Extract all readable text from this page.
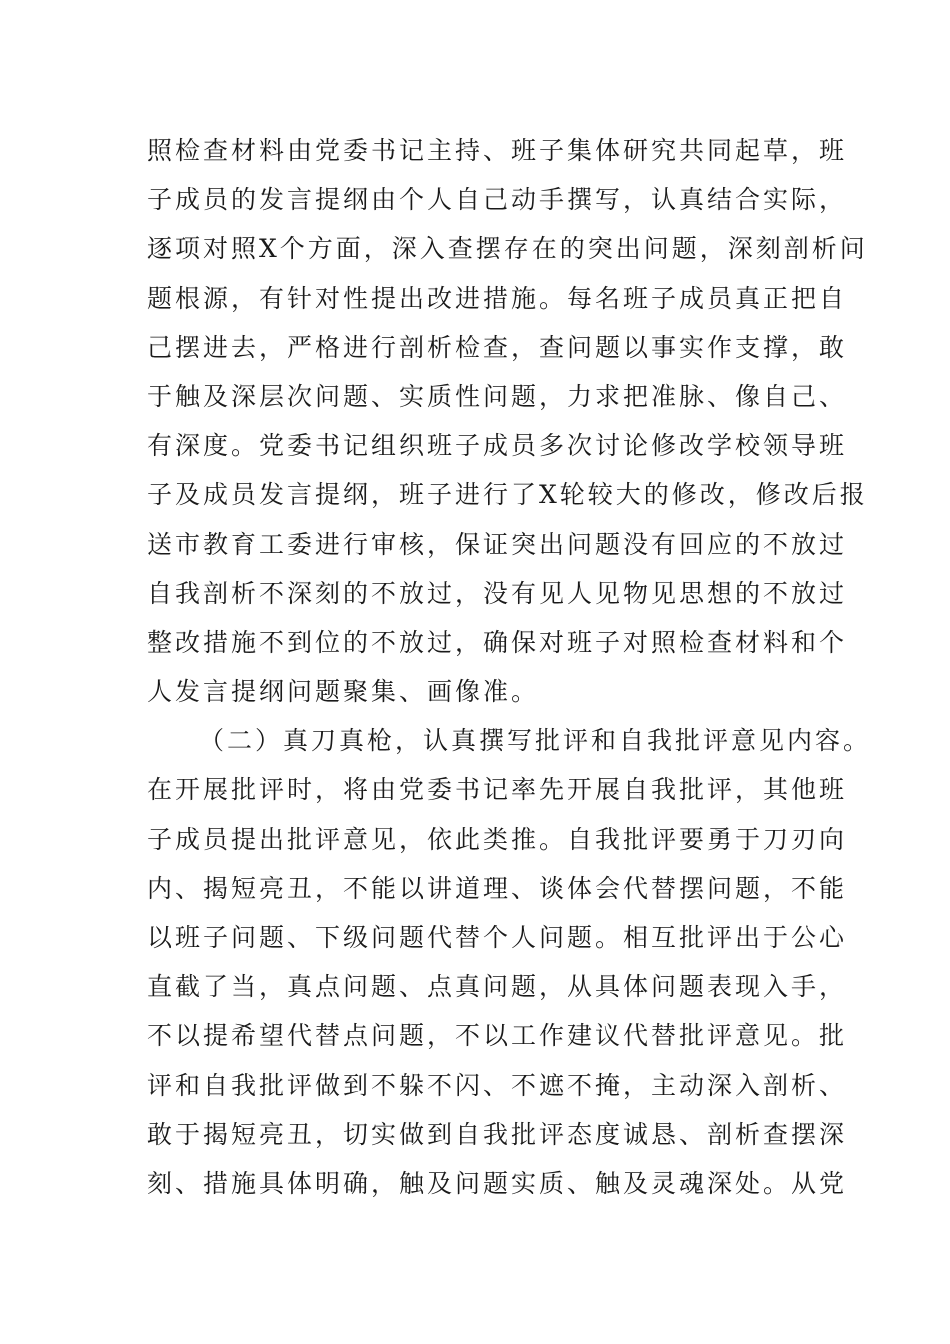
照检查材料由党委书记主持、班子集体研究共同起草，班
子成员的发言提纲由个人自己动手撰写，认真结合实际，
逐项对照X个方面，深入查摆存在的突出问题，深刻剖析问
题根源，有针对性提出改进措施。每名班子成员真正把自
己摆进去，严格进行剖析检查，查问题以事实作支撑，敢
于触及深层次问题、实质性问题，力求把准脉、像自己、
有深度。党委书记组织班子成员多次讨论修改学校领导班
子及成员发言提纲，班子进行了X轮较大的修改，修改后报
送市教育工委进行审核，保证突出问题没有回应的不放过
自我剖析不深刻的不放过，没有见人见物见思想的不放过
整改措施不到位的不放过，确保对班子对照检查材料和个
人发言提纲问题聚集、画像准。
（二）真刀真枪，认真撰写批评和自我批评意见内容。
在开展批评时，将由党委书记率先开展自我批评，其他班
子成员提出批评意见，依此类推。自我批评要勇于刀刃向
内、揭短亮丑，不能以讲道理、谈体会代替摆问题，不能
以班子问题、下级问题代替个人问题。相互批评出于公心
直截了当，真点问题、点真问题，从具体问题表现入手，
不以提希望代替点问题，不以工作建议代替批评意见。批
评和自我批评做到不躲不闪、不遮不掩，主动深入剖析、
敢于揭短亮丑，切实做到自我批评态度诚恳、剖析查摆深
刻、措施具体明确，触及问题实质、触及灵魂深处。从党
